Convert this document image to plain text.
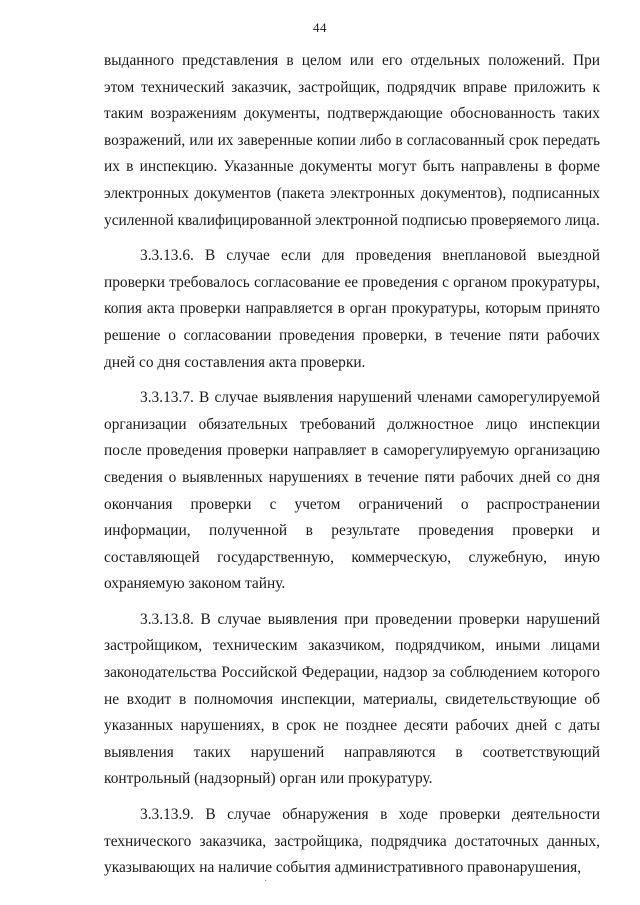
44

выданного представления в целом или его отдельных положений. При этом технический заказчик, застройщик, подрядчик вправе приложить к таким возражениям документы, подтверждающие обоснованность таких возражений, или их заверенные копии либо в согласованный срок передать их в инспекцию. Указанные документы могут быть направлены в форме электронных документов (пакета электронных документов), подписанных усиленной квалифицированной электронной подписью проверяемого лица.

3.3.13.6. В случае если для проведения внеплановой выездной проверки требовалось согласование ее проведения с органом прокуратуры, копия акта проверки направляется в орган прокуратуры, которым принято решение о согласовании проведения проверки, в течение пяти рабочих дней со дня составления акта проверки.

3.3.13.7. В случае выявления нарушений членами саморегулируемой организации обязательных требований должностное лицо инспекции после проведения проверки направляет в саморегулируемую организацию сведения о выявленных нарушениях в течение пяти рабочих дней со дня окончания проверки с учетом ограничений о распространении информации, полученной в результате проведения проверки и составляющей государственную, коммерческую, служебную, иную охраняемую законом тайну.

3.3.13.8. В случае выявления при проведении проверки нарушений застройщиком, техническим заказчиком, подрядчиком, иными лицами законодательства Российской Федерации, надзор за соблюдением которого не входит в полномочия инспекции, материалы, свидетельствующие об указанных нарушениях, в срок не позднее десяти рабочих дней с даты выявления таких нарушений направляются в соответствующий контрольный (надзорный) орган или прокуратуру.

3.3.13.9. В случае обнаружения в ходе проверки деятельности технического заказчика, застройщика, подрядчика достаточных данных, указывающих на наличие события административного правонарушения,

·
